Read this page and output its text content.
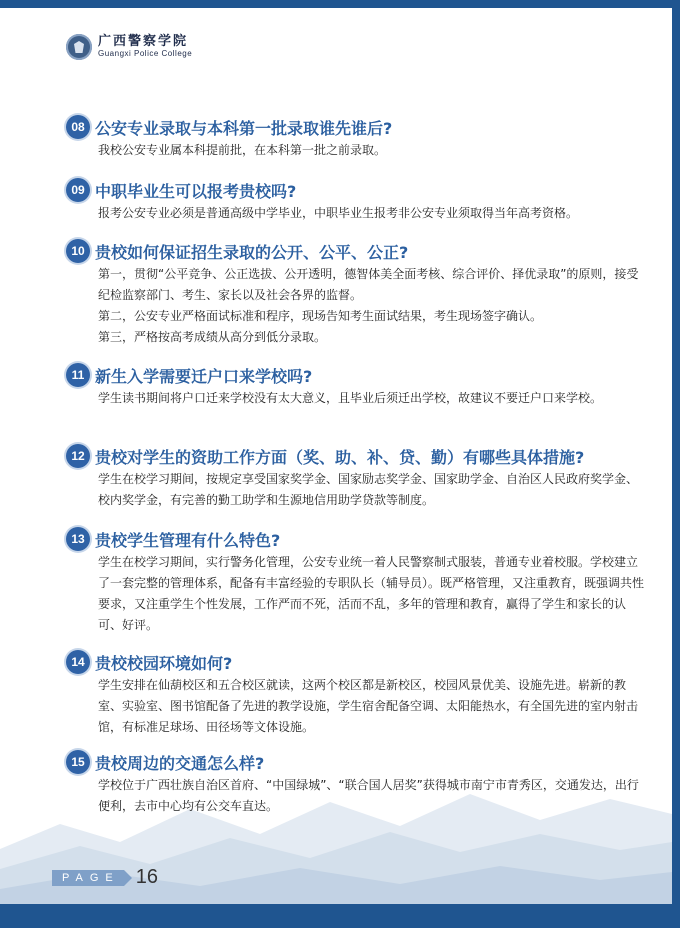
广西警察学院
Guangxi Police College
08 公安专业录取与本科第一批录取谁先谁后?

我校公安专业属本科提前批，在本科第一批之前录取。

09 中职毕业生可以报考贵校吗?

报考公安专业必须是普通高级中学毕业，中职毕业生报考非公安专业须取得当年高考资格。

10 贵校如何保证招生录取的公开、公平、公正?

第一，贯彻“公平竞争、公正选拔、公开透明，德智体美全面考核、综合评价、择优录取”的原则，接受纪检监察部门、考生、家长以及社会各界的监督。

第二，公安专业严格面试标准和程序，现场告知考生面试结果，考生现场签字确认。

第三，严格按高考成绩从高分到低分录取。

11 新生入学需要迁户口来学校吗?

学生读书期间将户口迁来学校没有太大意义，且毕业后须迁出学校，故建议不要迁户口来学校。

12 贵校对学生的资助工作方面（奖、助、补、贷、勤）有哪些具体措施?

学生在校学习期间，按规定享受国家奖学金、国家励志奖学金、国家助学金、自治区人民政府奖学金、校内奖学金，有完善的勤工助学和生源地信用助学贷款等制度。

13 贵校学生管理有什么特色?

学生在校学习期间，实行警务化管理，公安专业统一着人民警察制式服装，普通专业着校服。学校建立了一套完整的管理体系，配备有丰富经验的专职队长（辅导员）。既严格管理，又注重教育，既强调共性要求，又注重学生个性发展，工作严而不死，活而不乱，多年的管理和教育，赢得了学生和家长的认可、好评。

14 贵校校园环境如何?

学生安排在仙葫校区和五合校区就读，这两个校区都是新校区，校园风景优美、设施先进。崭新的教室、实验室、图书馆配备了先进的教学设施，学生宿舍配备空调、太阳能热水，有全国先进的室内射击馆，有标准足球场、田径场等文体设施。

15 贵校周边的交通怎么样?

学校位于广西壮族自治区首府、“中国绿城”、“联合国人居奖”获得城市南宁市青秀区，交通发达，出行便利，去市中心均有公交车直达。

PAGE 16
